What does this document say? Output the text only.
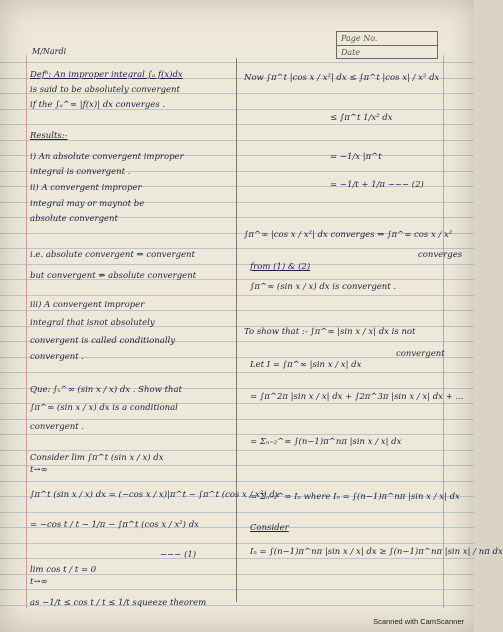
M/Nardi
Page No.
Date
Defⁿ: An improper integral ∫ₐ f(x)dx
is said to be absolutely convergent
if the ∫ₐ^∞ |f(x)| dx converges .
Results:-
i) An absolute convergent improper
integral is convergent .
ii) A convergent improper
integral may or maynot be
absolute convergent
i.e. absolute convergent ⇒ convergent
but convergent ⇏ absolute convergent
iii) A convergent improper
integral that isnot absolutely
convergent is called conditionally
convergent .
Que: ∫ₓ^∞ (sin x / x) dx . Show that
∫π^∞ (sin x / x) dx is a conditional
convergent .
Consider lim ∫π^t (sin x / x) dx
t→∞
∫π^t (sin x / x) dx = (−cos x / x)|π^t − ∫π^t (cos x / x²) dx
= −cos t / t − 1/π − ∫π^t (cos x / x²) dx
−−− (1)
lim cos t / t = 0
t→∞
as −1/t ≤ cos t / t ≤ 1/t squeeze theorem
Now ∫π^t |cos x / x²| dx ≤ ∫π^t |cos x| / x² dx
≤ ∫π^t 1/x² dx
= −1/x |π^t
= −1/t + 1/π −−− (2)
∫π^∞ |cos x / x²| dx converges ⇒ ∫π^∞ cos x / x²
converges
from (1) & (2)
∫π^∞ (sin x / x) dx is convergent .
To show that :- ∫π^∞ |sin x / x| dx is not
convergent
Let I = ∫π^∞ |sin x / x| dx
= ∫π^2π |sin x / x| dx + ∫2π^3π |sin x / x| dx + ...
= Σₙ₌₂^∞ ∫(n−1)π^nπ |sin x / x| dx
= Σₙ₌₂^∞ Iₙ where Iₙ = ∫(n−1)π^nπ |sin x / x| dx
Consider
Iₙ = ∫(n−1)π^nπ |sin x / x| dx ≥ ∫(n−1)π^nπ |sin x| / nπ dx
Scanned with CamScanner
